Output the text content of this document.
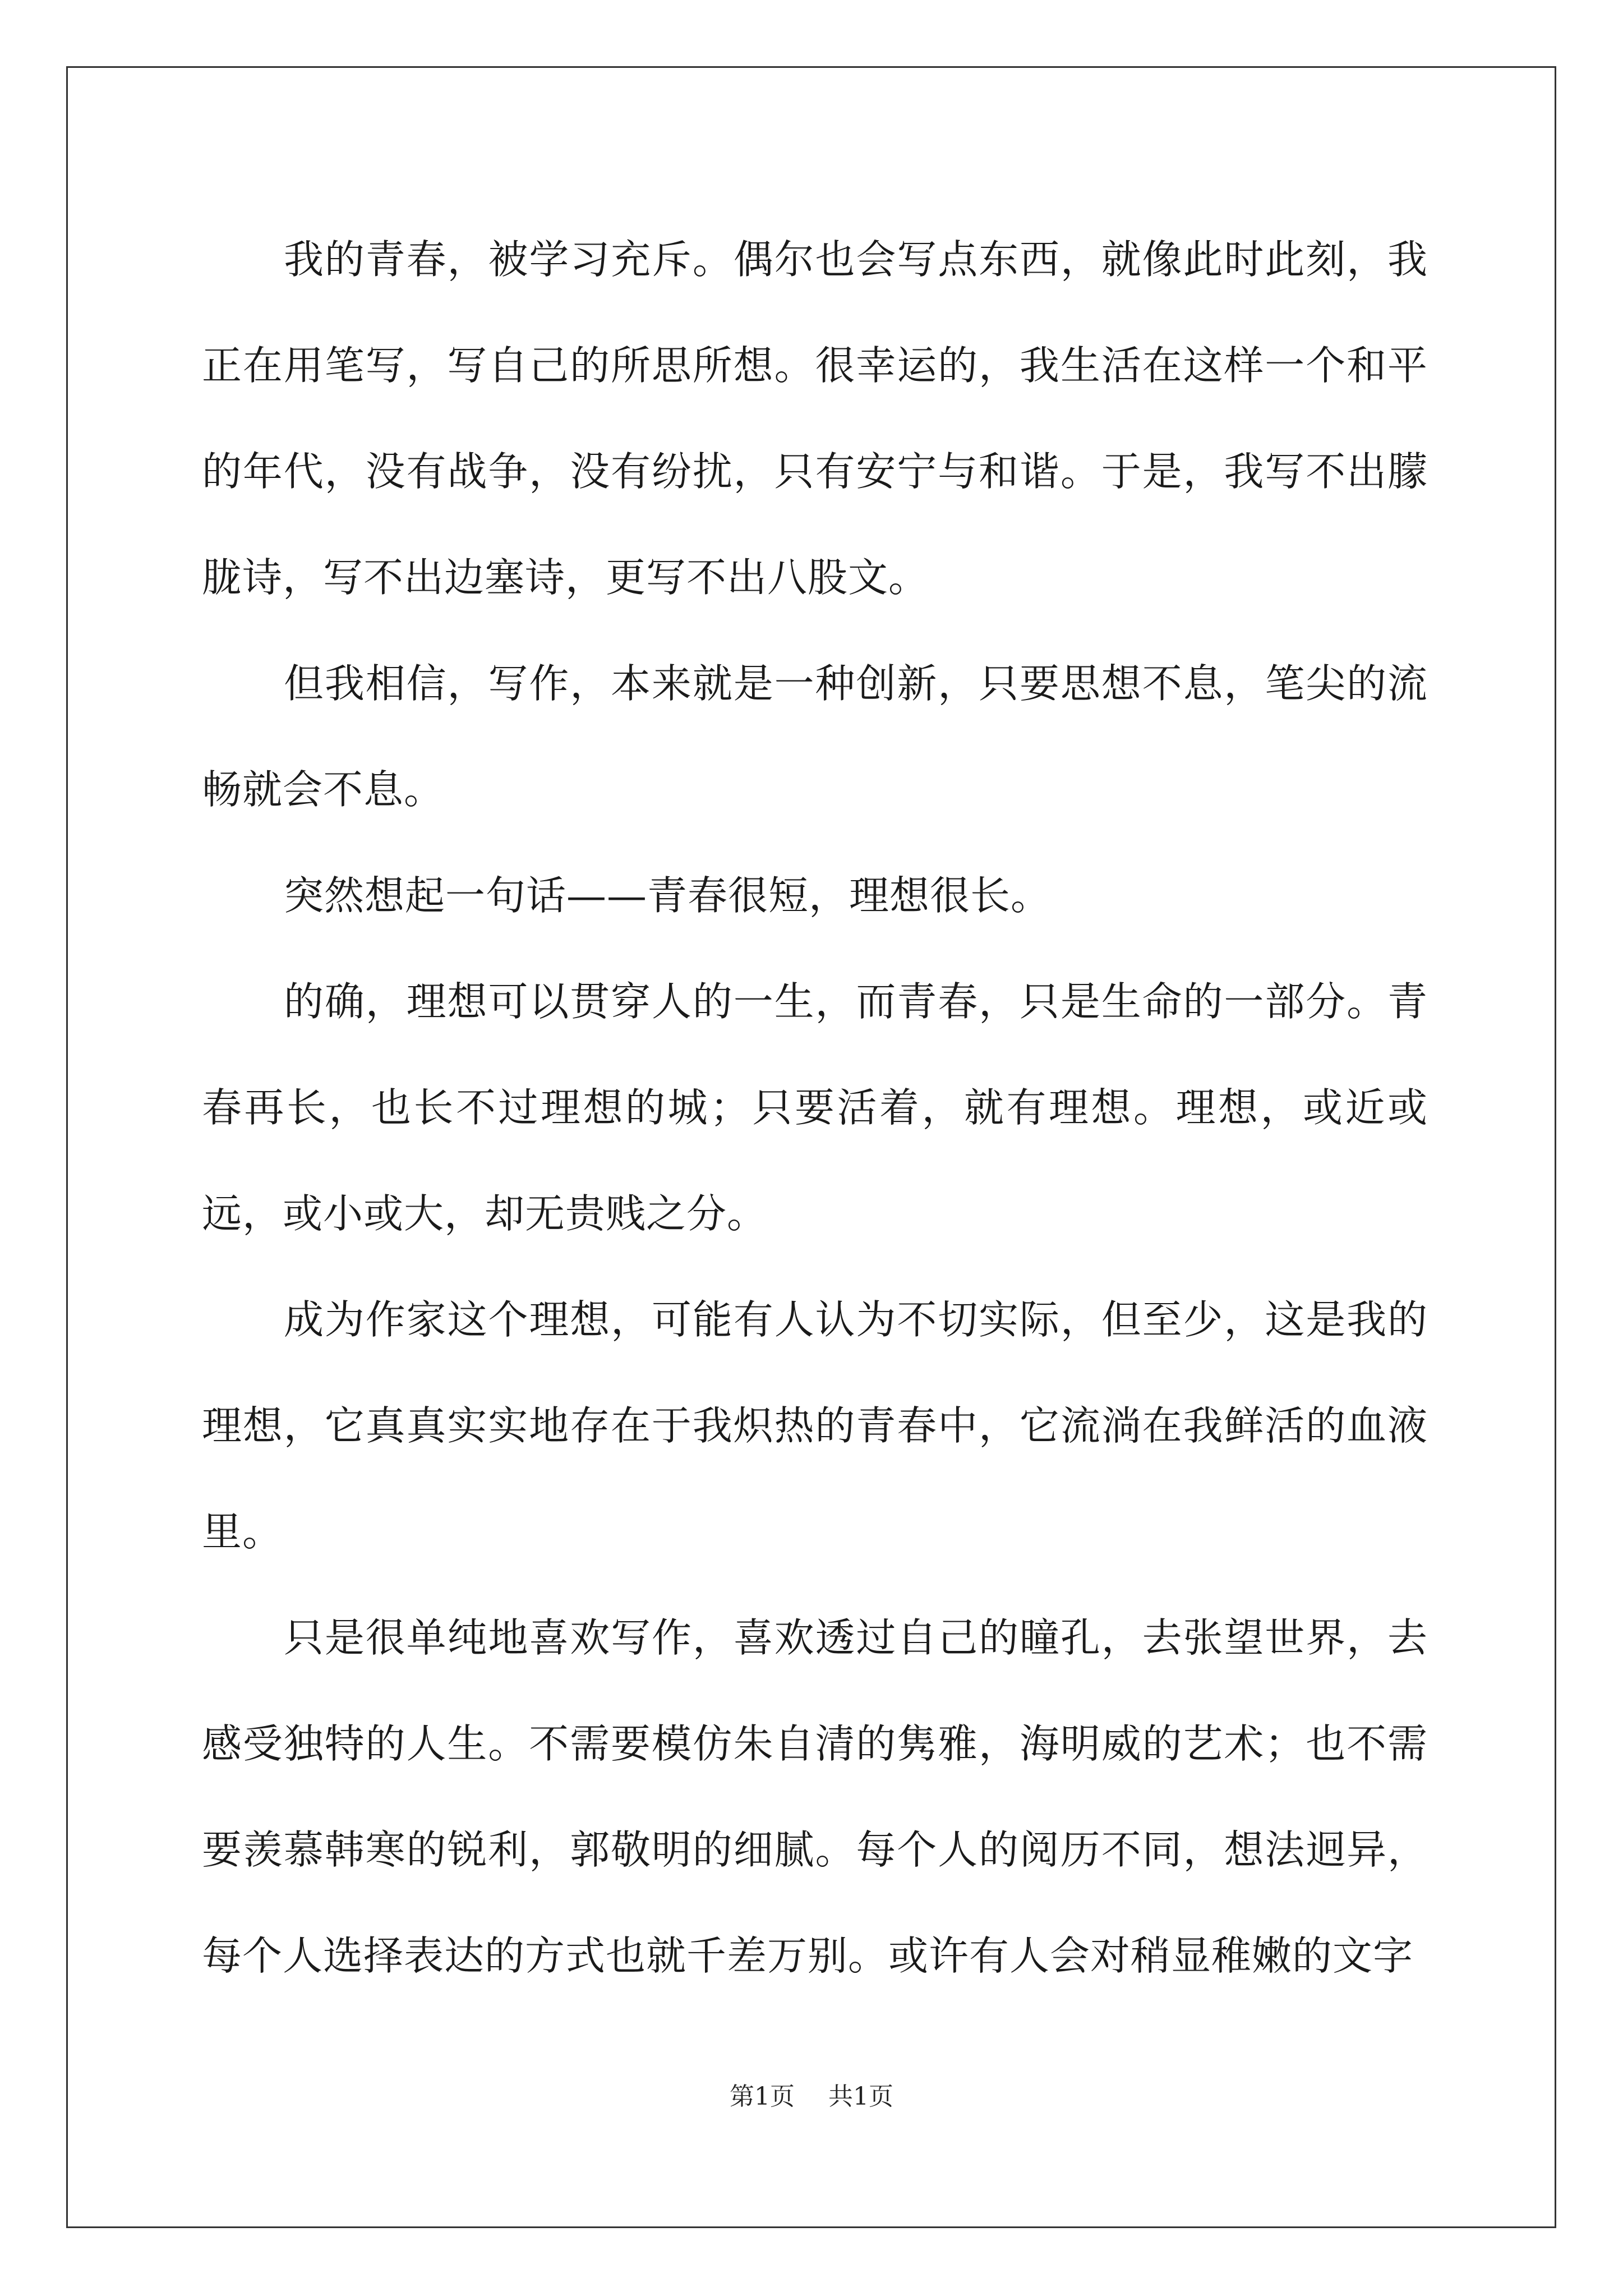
我的青春，被学习充斥。偶尔也会写点东西，就像此时此刻，我正在用笔写，写自己的所思所想。很幸运的，我生活在这样一个和平的年代，没有战争，没有纷扰，只有安宁与和谐。于是，我写不出朦胧诗，写不出边塞诗，更写不出八股文。

但我相信，写作，本来就是一种创新，只要思想不息，笔尖的流畅就会不息。

突然想起一句话——青春很短，理想很长。

的确，理想可以贯穿人的一生，而青春，只是生命的一部分。青春再长，也长不过理想的城；只要活着，就有理想。理想，或近或远，或小或大，却无贵贱之分。

成为作家这个理想，可能有人认为不切实际，但至少，这是我的理想，它真真实实地存在于我炽热的青春中，它流淌在我鲜活的血液里。

只是很单纯地喜欢写作，喜欢透过自己的瞳孔，去张望世界，去感受独特的人生。不需要模仿朱自清的隽雅，海明威的艺术；也不需要羡慕韩寒的锐利，郭敬明的细腻。每个人的阅历不同，想法迥异，每个人选择表达的方式也就千差万别。或许有人会对稍显稚嫩的文字

第1页 共1页
